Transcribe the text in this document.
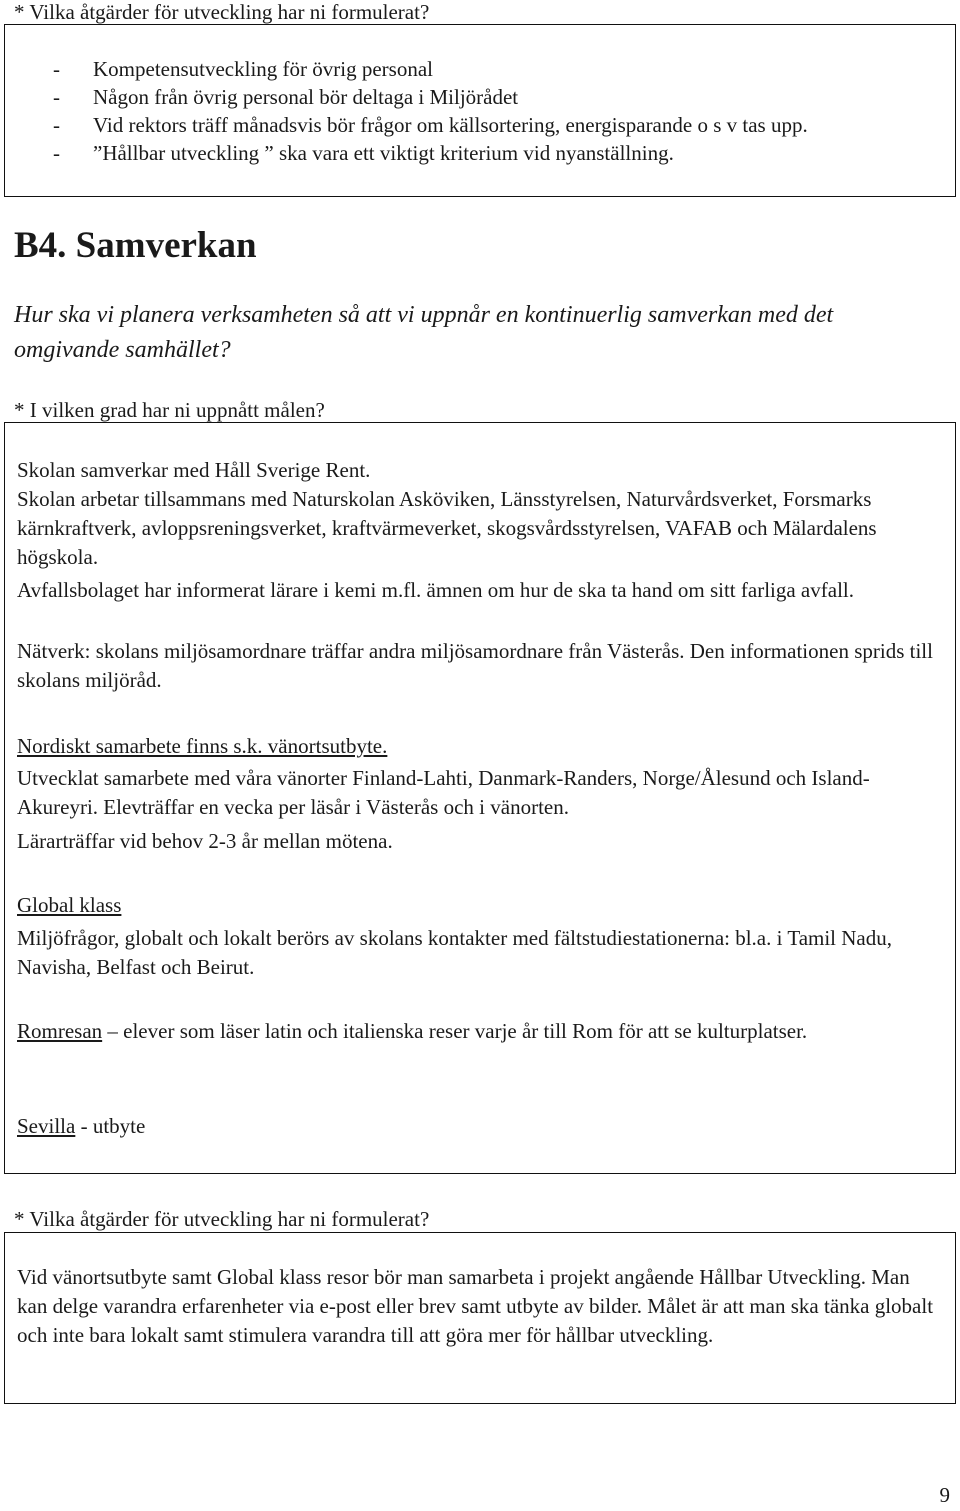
* Vilka åtgärder för utveckling har ni formulerat?
- Kompetensutveckling för övrig personal
- Någon från övrig personal bör deltaga i Miljörådet
- Vid rektors träff månadsvis bör frågor om källsortering, energisparande o s v tas upp.
- ”Hållbar utveckling ” ska vara ett viktigt kriterium vid nyanställning.
B4. Samverkan

Hur ska vi planera verksamheten så att vi uppnår en kontinuerlig samverkan med det omgivande samhället?

* I vilken grad har ni uppnått målen?

Skolan samverkar med Håll Sverige Rent.

Skolan arbetar tillsammans med Naturskolan Asköviken, Länsstyrelsen, Naturvårdsverket, Forsmarks kärnkraftverk, avloppsreningsverket, kraftvärmeverket, skogsvårdsstyrelsen, VAFAB och Mälardalens högskola.

Avfallsbolaget har informerat lärare i kemi m.fl. ämnen om hur de ska ta hand om sitt farliga avfall.

Nätverk: skolans miljösamordnare träffar andra miljösamordnare från Västerås. Den informationen sprids till skolans miljöråd.

Nordiskt samarbete finns s.k. vänortsutbyte.

Utvecklat samarbete med våra vänorter Finland-Lahti, Danmark-Randers, Norge/Ålesund och Island- Akureyri. Elevträffar en vecka per läsår i Västerås och i vänorten.

Lärarträffar vid behov 2-3 år mellan mötena.

Global klass

Miljöfrågor, globalt och lokalt berörs av skolans kontakter med fältstudiestationerna: bl.a. i Tamil Nadu, Navisha, Belfast och Beirut.

Romresan – elever som läser latin och italienska reser varje år till Rom för att se kulturplatser.

Sevilla - utbyte

* Vilka åtgärder för utveckling har ni formulerat?

Vid vänortsutbyte samt Global klass resor bör man samarbeta i projekt angående Hållbar Utveckling. Man kan delge varandra erfarenheter via e-post eller brev samt utbyte av bilder. Målet är att man ska tänka globalt och inte bara lokalt samt stimulera varandra till att göra mer för hållbar utveckling.

9
